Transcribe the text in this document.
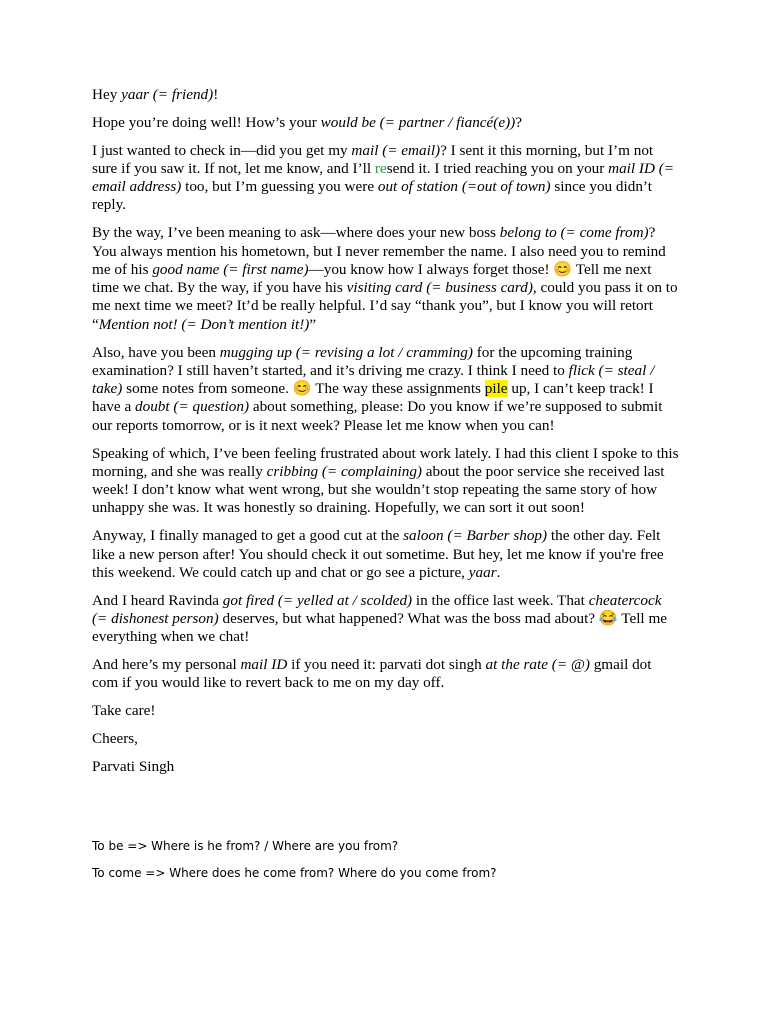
Hey yaar (= friend)!

Hope you’re doing well! How’s your would be (= partner / fiancé(e))?

I just wanted to check in—did you get my mail (= email)? I sent it this morning, but I’m not sure if you saw it. If not, let me know, and I’ll resend it. I tried reaching you on your mail ID (= email address) too, but I’m guessing you were out of station (=out of town) since you didn’t reply.

By the way, I’ve been meaning to ask—where does your new boss belong to (= come from)? You always mention his hometown, but I never remember the name. I also need you to remind me of his good name (= first name)—you know how I always forget those! 😊 Tell me next time we chat. By the way, if you have his visiting card (= business card), could you pass it on to me next time we meet? It’d be really helpful. I’d say “thank you”, but I know you will retort “Mention not! (= Don’t mention it!)”

Also, have you been mugging up (= revising a lot / cramming) for the upcoming training examination? I still haven’t started, and it’s driving me crazy. I think I need to flick (= steal / take) some notes from someone. 😊 The way these assignments pile up, I can’t keep track! I have a doubt (= question) about something, please: Do you know if we’re supposed to submit our reports tomorrow, or is it next week? Please let me know when you can!

Speaking of which, I’ve been feeling frustrated about work lately. I had this client I spoke to this morning, and she was really cribbing (= complaining) about the poor service she received last week! I don’t know what went wrong, but she wouldn’t stop repeating the same story of how unhappy she was. It was honestly so draining. Hopefully, we can sort it out soon!

Anyway, I finally managed to get a good cut at the saloon (= Barber shop) the other day. Felt like a new person after! You should check it out sometime. But hey, let me know if you're free this weekend. We could catch up and chat or go see a picture, yaar.

And I heard Ravinda got fired (= yelled at / scolded) in the office last week. That cheatercock (= dishonest person) deserves, but what happened? What was the boss mad about? 😂 Tell me everything when we chat!

And here’s my personal mail ID if you need it: parvati dot singh at the rate (= @) gmail dot com if you would like to revert back to me on my day off.

Take care!

Cheers,

Parvati Singh

To be => Where is he from? / Where are you from?

To come => Where does he come from? Where do you come from?
